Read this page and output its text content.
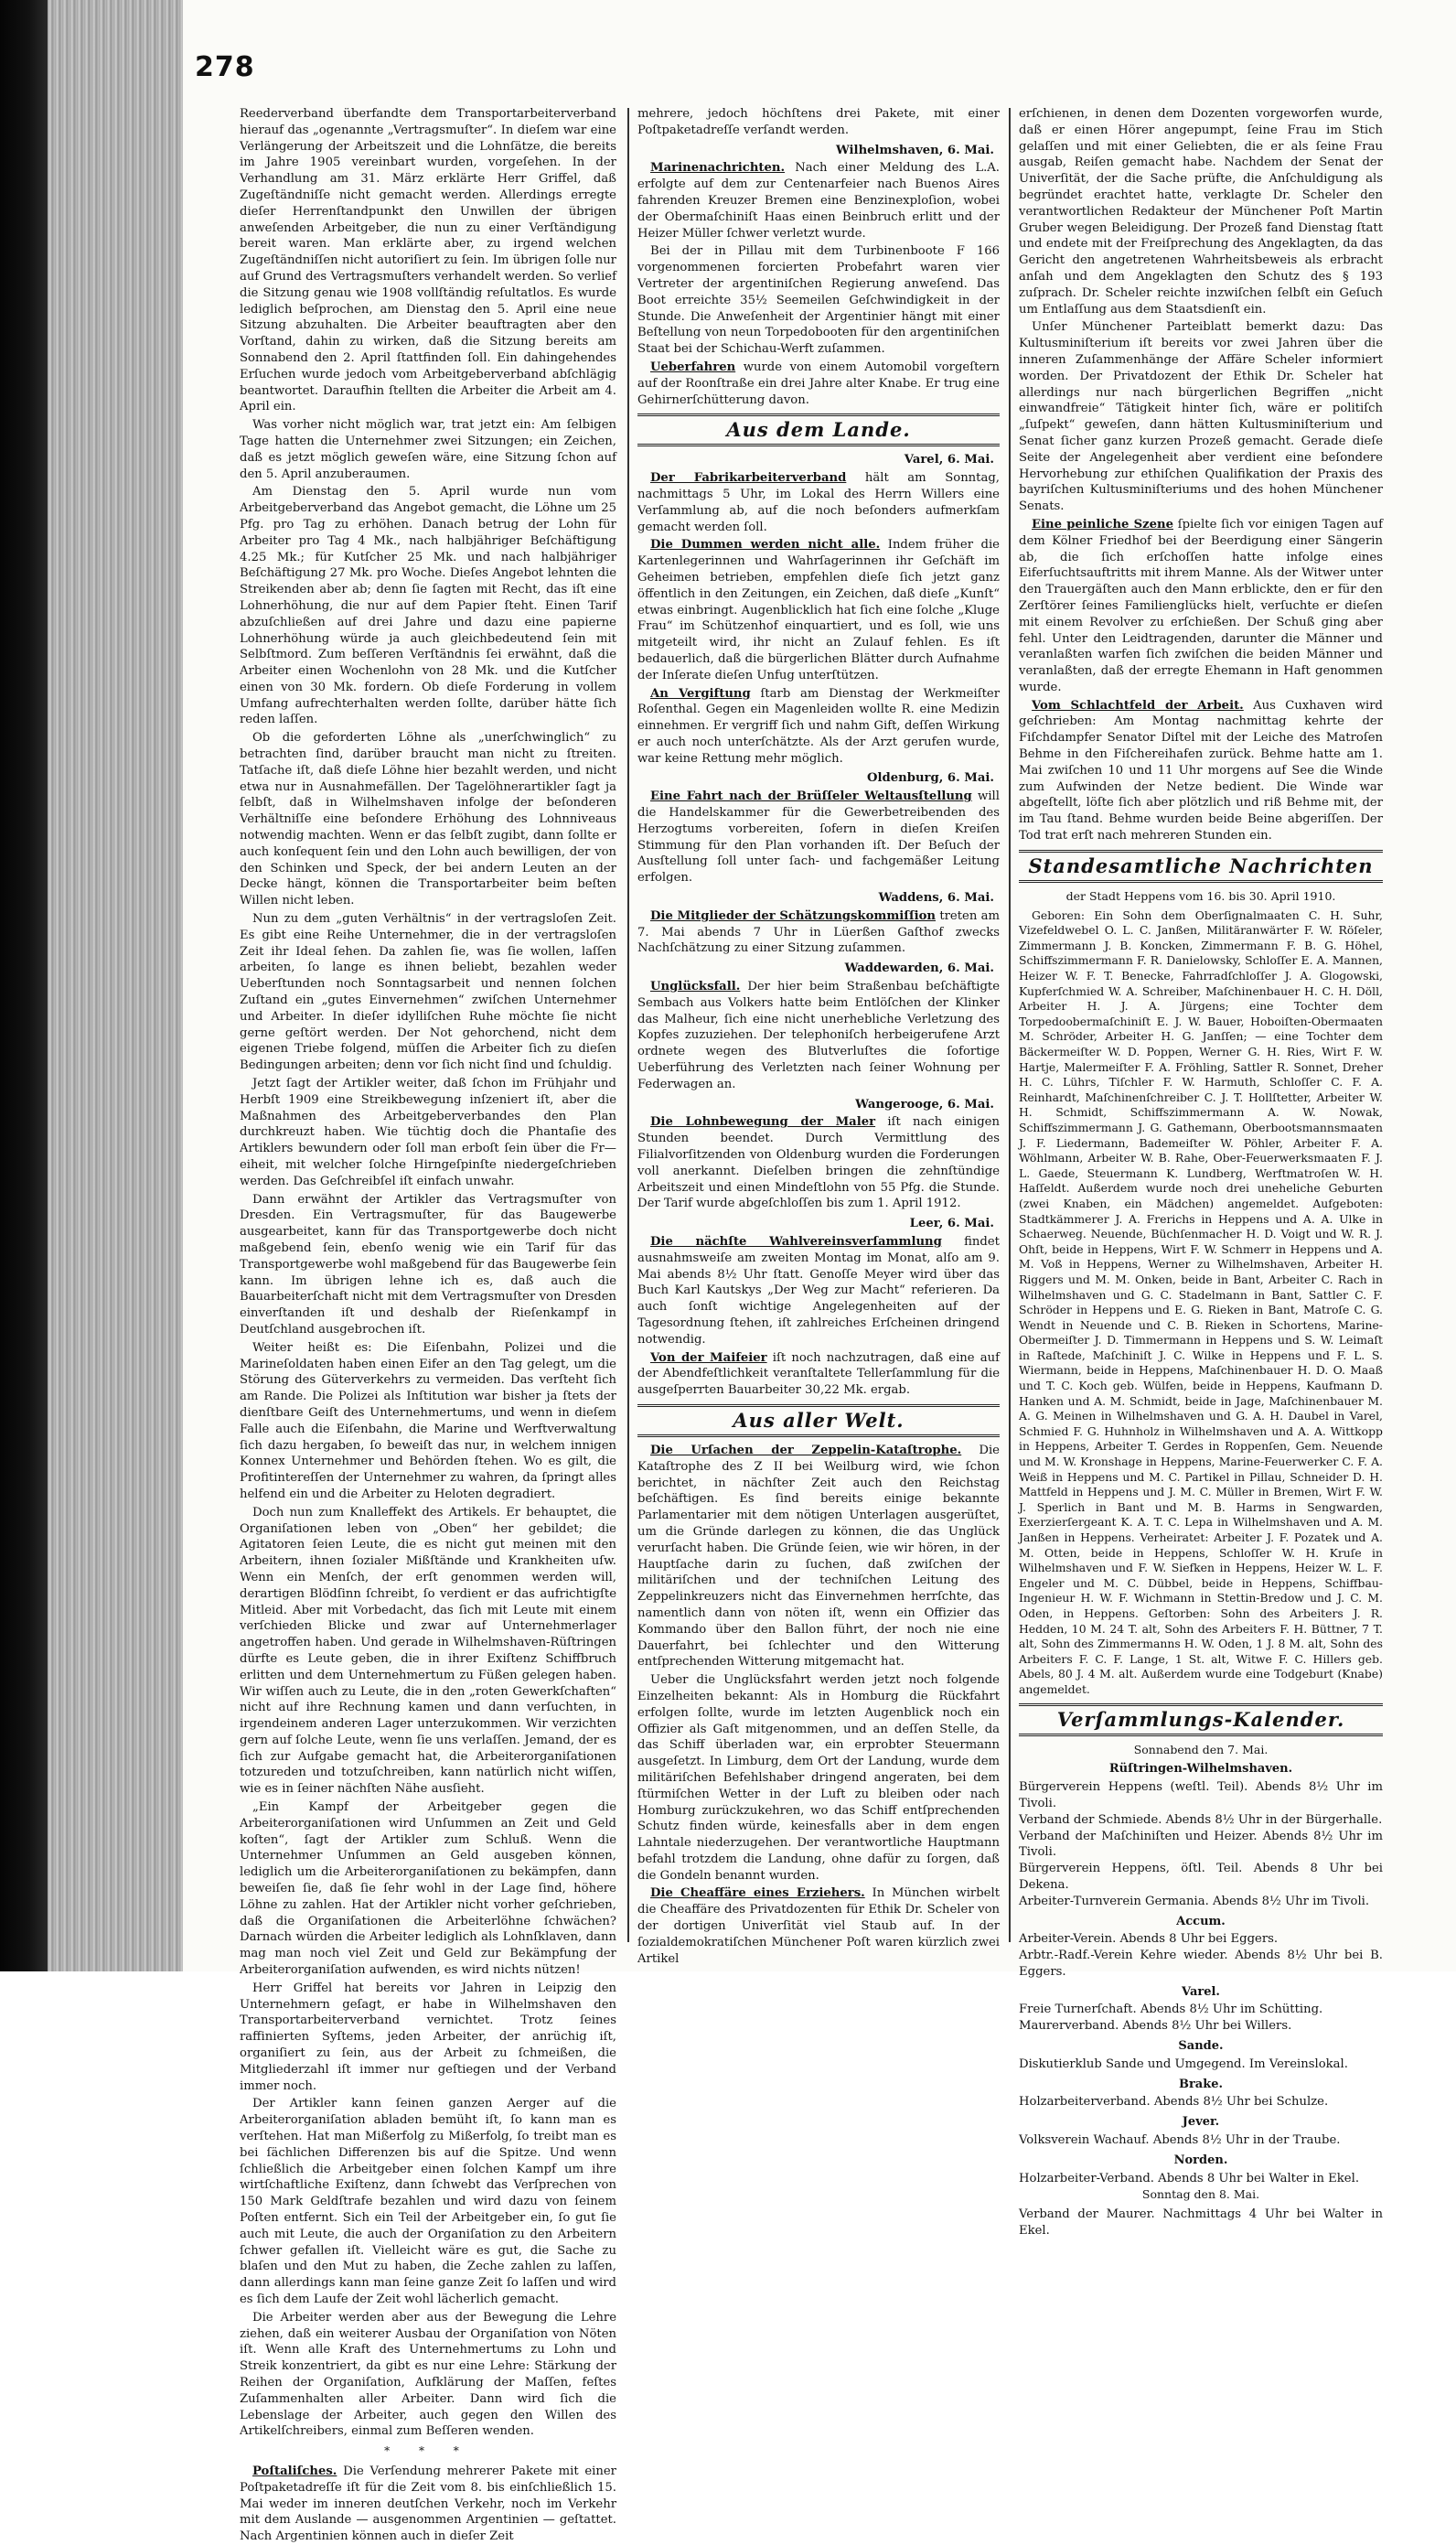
278

Reederverband überfandte dem Transportarbeiterverband hierauf das „ogenannte „Vertragsmuſter“. In dieſem war eine Verlängerung der Arbeitszeit und die Lohnſätze, die bereits im Jahre 1905 vereinbart wurden, vorgeſehen. In der Verhandlung am 31. März erklärte Herr Griffel, daß Zugeſtändniſſe nicht gemacht werden. Allerdings erregte dieſer Herrenſtandpunkt den Unwillen der übrigen anweſenden Arbeitgeber, die nun zu einer Verſtändigung bereit waren. Man erklärte aber, zu irgend welchen Zugeſtändniſſen nicht autoriſiert zu ſein. Im übrigen ſolle nur auf Grund des Vertragsmuſters verhandelt werden. So verlief die Sitzung genau wie 1908 vollſtändig reſultatlos. Es wurde lediglich beſprochen, am Dienstag den 5. April eine neue Sitzung abzuhalten. Die Arbeiter beauftragten aber den Vorſtand, dahin zu wirken, daß die Sitzung bereits am Sonnabend den 2. April ſtattfinden ſoll. Ein dahingehendes Erſuchen wurde jedoch vom Arbeitgeberverband abſchlägig beantwortet. Daraufhin ſtellten die Arbeiter die Arbeit am 4. April ein.

Was vorher nicht möglich war, trat jetzt ein: Am ſelbigen Tage hatten die Unternehmer zwei Sitzungen; ein Zeichen, daß es jetzt möglich geweſen wäre, eine Sitzung ſchon auf den 5. April anzuberaumen.

Am Dienstag den 5. April wurde nun vom Arbeitgeberverband das Angebot gemacht, die Löhne um 25 Pfg. pro Tag zu erhöhen. Danach betrug der Lohn für Arbeiter pro Tag 4 Mk., nach halbjähriger Beſchäftigung 4.25 Mk.; für Kutſcher 25 Mk. und nach halbjähriger Beſchäftigung 27 Mk. pro Woche. Dieſes Angebot lehnten die Streikenden aber ab; denn ſie ſagten mit Recht, das iſt eine Lohnerhöhung, die nur auf dem Papier ſteht. Einen Tarif abzuſchließen auf drei Jahre und dazu eine papierne Lohnerhöhung würde ja auch gleichbedeutend ſein mit Selbſtmord. Zum beſſeren Verſtändnis ſei erwähnt, daß die Arbeiter einen Wochenlohn von 28 Mk. und die Kutſcher einen von 30 Mk. fordern. Ob dieſe Forderung in vollem Umfang aufrechterhalten werden ſollte, darüber hätte ſich reden laſſen.

Ob die geforderten Löhne als „unerſchwinglich“ zu betrachten ſind, darüber braucht man nicht zu ſtreiten. Tatſache iſt, daß dieſe Löhne hier bezahlt werden, und nicht etwa nur in Ausnahmefällen. Der Tagelöhnerartikler ſagt ja ſelbſt, daß in Wilhelmshaven infolge der beſonderen Verhältniſſe eine beſondere Erhöhung des Lohnniveaus notwendig machten. Wenn er das ſelbſt zugibt, dann ſollte er auch konſequent ſein und den Lohn auch bewilligen, der von den Schinken und Speck, der bei andern Leuten an der Decke hängt, können die Transportarbeiter beim beſten Willen nicht leben.

Nun zu dem „guten Verhältnis“ in der vertragsloſen Zeit. Es gibt eine Reihe Unternehmer, die in der vertragsloſen Zeit ihr Ideal ſehen. Da zahlen ſie, was ſie wollen, laſſen arbeiten, ſo lange es ihnen beliebt, bezahlen weder Ueberſtunden noch Sonntagsarbeit und nennen ſolchen Zuſtand ein „gutes Einvernehmen“ zwiſchen Unternehmer und Arbeiter. In dieſer idylliſchen Ruhe möchte ſie nicht gerne geſtört werden. Der Not gehorchend, nicht dem eigenen Triebe folgend, müſſen die Arbeiter ſich zu dieſen Bedingungen arbeiten; denn vor ſich nicht ſind und ſchuldig.

Jetzt ſagt der Artikler weiter, daß ſchon im Frühjahr und Herbſt 1909 eine Streikbewegung inſzeniert iſt, aber die Maßnahmen des Arbeitgeberverbandes den Plan durchkreuzt haben. Wie tüchtig doch die Phantaſie des Artiklers bewundern oder ſoll man erboſt ſein über die Fr—eiheit, mit welcher ſolche Hirngeſpinſte niedergeſchrieben werden. Das Geſchreibſel iſt einfach unwahr.

Dann erwähnt der Artikler das Vertragsmuſter von Dresden. Ein Vertragsmuſter, für das Baugewerbe ausgearbeitet, kann für das Transportgewerbe doch nicht maßgebend ſein, ebenſo wenig wie ein Tarif für das Transportgewerbe wohl maßgebend für das Baugewerbe ſein kann. Im übrigen lehne ich es, daß auch die Bauarbeiterſchaft nicht mit dem Vertragsmuſter von Dresden einverſtanden iſt und deshalb der Rieſenkampf in Deutſchland ausgebrochen iſt.

Weiter heißt es: Die Eiſenbahn, Polizei und die Marineſoldaten haben einen Eifer an den Tag gelegt, um die Störung des Güterverkehrs zu vermeiden. Das verſteht ſich am Rande. Die Polizei als Inſtitution war bisher ja ſtets der dienſtbare Geiſt des Unternehmertums, und wenn in dieſem Falle auch die Eiſenbahn, die Marine und Werftverwaltung ſich dazu hergaben, ſo beweiſt das nur, in welchem innigen Konnex Unternehmer und Behörden ſtehen. Wo es gilt, die Profitintereſſen der Unternehmer zu wahren, da ſpringt alles helfend ein und die Arbeiter zu Heloten degradiert.

Doch nun zum Knalleffekt des Artikels. Er behauptet, die Organiſationen leben von „Oben“ her gebildet; die Agitatoren ſeien Leute, die es nicht gut meinen mit den Arbeitern, ihnen ſozialer Mißſtände und Krankheiten uſw. Wenn ein Menſch, der erſt genommen werden will, derartigen Blödſinn ſchreibt, ſo verdient er das aufrichtigſte Mitleid. Aber mit Vorbedacht, das ſich mit Leute mit einem verſchieden Blicke und zwar auf Unternehmerlager angetroffen haben. Und gerade in Wilhelmshaven-Rüſtringen dürfte es Leute geben, die in ihrer Exiſtenz Schiffbruch erlitten und dem Unternehmertum zu Füßen gelegen haben. Wir wiſſen auch zu Leute, die in den „roten Gewerkſchaften“ nicht auf ihre Rechnung kamen und dann verſuchten, in irgendeinem anderen Lager unterzukommen. Wir verzichten gern auf ſolche Leute, wenn ſie uns verlaſſen. Jemand, der es ſich zur Aufgabe gemacht hat, die Arbeiterorganiſationen totzureden und totzuſchreiben, kann natürlich nicht wiſſen, wie es in ſeiner nächſten Nähe ausſieht.

„Ein Kampf der Arbeitgeber gegen die Arbeiterorganiſationen wird Unſummen an Zeit und Geld koſten“, ſagt der Artikler zum Schluß. Wenn die Unternehmer Unſummen an Geld ausgeben können, lediglich um die Arbeiterorganiſationen zu bekämpfen, dann beweiſen ſie, daß ſie ſehr wohl in der Lage ſind, höhere Löhne zu zahlen. Hat der Artikler nicht vorher geſchrieben, daß die Organiſationen die Arbeiterlöhne ſchwächen? Darnach würden die Arbeiter lediglich als Lohnſklaven, dann mag man noch viel Zeit und Geld zur Bekämpfung der Arbeiterorganiſation aufwenden, es wird nichts nützen!

Herr Griffel hat bereits vor Jahren in Leipzig den Unternehmern geſagt, er habe in Wilhelmshaven den Transportarbeiterverband vernichtet. Trotz ſeines raffinierten Syſtems, jeden Arbeiter, der anrüchig iſt, organiſiert zu ſein, aus der Arbeit zu ſchmeißen, die Mitgliederzahl iſt immer nur geſtiegen und der Verband immer noch.

Der Artikler kann ſeinen ganzen Aerger auf die Arbeiterorganiſation abladen bemüht iſt, ſo kann man es verſtehen. Hat man Mißerfolg zu Mißerfolg, ſo treibt man es bei ſächlichen Differenzen bis auf die Spitze. Und wenn ſchließlich die Arbeitgeber einen ſolchen Kampf um ihre wirtſchaftliche Exiſtenz, dann ſchwebt das Verſprechen von 150 Mark Geldſtrafe bezahlen und wird dazu von ſeinem Poſten entfernt. Sich ein Teil der Arbeitgeber ein, ſo gut ſie auch mit Leute, die auch der Organiſation zu den Arbeitern ſchwer gefallen iſt. Vielleicht wäre es gut, die Sache zu blaſen und den Mut zu haben, die Zeche zahlen zu laſſen, dann allerdings kann man ſeine ganze Zeit ſo laſſen und wird es ſich dem Laufe der Zeit wohl lächerlich gemacht.

Die Arbeiter werden aber aus der Bewegung die Lehre ziehen, daß ein weiterer Ausbau der Organiſation von Nöten iſt. Wenn alle Kraft des Unternehmertums zu Lohn und Streik konzentriert, da gibt es nur eine Lehre: Stärkung der Reihen der Organiſation, Aufklärung der Maſſen, feſtes Zuſammenhalten aller Arbeiter. Dann wird ſich die Lebenslage der Arbeiter, auch gegen den Willen des Artikelſchreibers, einmal zum Beſſeren wenden.

* * *

Poſtaliſches. Die Verſendung mehrerer Pakete mit einer Poſtpaketadreſſe iſt für die Zeit vom 8. bis einſchließlich 15. Mai weder im inneren deutſchen Verkehr, noch im Verkehr mit dem Auslande — ausgenommen Argentinien — geſtattet. Nach Argentinien können auch in dieſer Zeit

mehrere, jedoch höchſtens drei Pakete, mit einer Poſtpaketadreſſe verſandt werden.

Wilhelmshaven, 6. Mai.

Marinenachrichten. Nach einer Meldung des L.A. erfolgte auf dem zur Centenarfeier nach Buenos Aires fahrenden Kreuzer Bremen eine Benzinexploſion, wobei der Obermaſchiniſt Haas einen Beinbruch erlitt und der Heizer Müller ſchwer verletzt wurde.

Bei der in Pillau mit dem Turbinenboote F 166 vorgenommenen forcierten Probefahrt waren vier Vertreter der argentiniſchen Regierung anweſend. Das Boot erreichte 35½ Seemeilen Geſchwindigkeit in der Stunde. Die Anweſenheit der Argentinier hängt mit einer Beſtellung von neun Torpedobooten für den argentiniſchen Staat bei der Schichau-Werft zuſammen.

Ueberfahren wurde von einem Automobil vorgeſtern auf der Roonſtraße ein drei Jahre alter Knabe. Er trug eine Gehirnerſchütterung davon.

Aus dem Lande.
Varel, 6. Mai.

Der Fabrikarbeiterverband hält am Sonntag, nachmittags 5 Uhr, im Lokal des Herrn Willers eine Verſammlung ab, auf die noch beſonders aufmerkſam gemacht werden ſoll.

Die Dummen werden nicht alle. Indem früher die Kartenlegerinnen und Wahrſagerinnen ihr Geſchäft im Geheimen betrieben, empfehlen dieſe ſich jetzt ganz öffentlich in den Zeitungen, ein Zeichen, daß dieſe „Kunſt“ etwas einbringt. Augenblicklich hat ſich eine ſolche „Kluge Frau“ im Schützenhof einquartiert, und es ſoll, wie uns mitgeteilt wird, ihr nicht an Zulauf fehlen. Es iſt bedauerlich, daß die bürgerlichen Blätter durch Aufnahme der Inſerate dieſen Unfug unterſtützen.

An Vergiftung ſtarb am Dienstag der Werkmeiſter Roſenthal. Gegen ein Magenleiden wollte R. eine Medizin einnehmen. Er vergriff ſich und nahm Gift, deſſen Wirkung er auch noch unterſchätzte. Als der Arzt gerufen wurde, war keine Rettung mehr möglich.

Oldenburg, 6. Mai.

Eine Fahrt nach der Brüſſeler Weltausſtellung will die Handelskammer für die Gewerbetreibenden des Herzogtums vorbereiten, ſofern in dieſen Kreiſen Stimmung für den Plan vorhanden iſt. Der Beſuch der Ausſtellung ſoll unter ſach- und fachgemäßer Leitung erfolgen.

Waddens, 6. Mai.

Die Mitglieder der Schätzungskommiſſion treten am 7. Mai abends 7 Uhr in Lüerßen Gaſthof zwecks Nachſchätzung zu einer Sitzung zuſammen.

Waddewarden, 6. Mai.

Unglücksfall. Der hier beim Straßenbau beſchäftigte Sembach aus Volkers hatte beim Entlöſchen der Klinker das Malheur, ſich eine nicht unerhebliche Verletzung des Kopfes zuzuziehen. Der telephoniſch herbeigerufene Arzt ordnete wegen des Blutverluſtes die ſofortige Ueberführung des Verletzten nach ſeiner Wohnung per Federwagen an.

Wangerooge, 6. Mai.

Die Lohnbewegung der Maler iſt nach einigen Stunden beendet. Durch Vermittlung des Filialvorſitzenden von Oldenburg wurden die Forderungen voll anerkannt. Dieſelben bringen die zehnſtündige Arbeitszeit und einen Mindeſtlohn von 55 Pfg. die Stunde. Der Tarif wurde abgeſchloſſen bis zum 1. April 1912.

Leer, 6. Mai.

Die nächſte Wahlvereinsverſammlung findet ausnahmsweiſe am zweiten Montag im Monat, alſo am 9. Mai abends 8½ Uhr ſtatt. Genoſſe Meyer wird über das Buch Karl Kautskys „Der Weg zur Macht“ referieren. Da auch ſonſt wichtige Angelegenheiten auf der Tagesordnung ſtehen, iſt zahlreiches Erſcheinen dringend notwendig.

Von der Maifeier iſt noch nachzutragen, daß eine auf der Abendfeſtlichkeit veranſtaltete Tellerſammlung für die ausgeſperrten Bauarbeiter 30,22 Mk. ergab.

Aus aller Welt.

Die Urſachen der Zeppelin-Kataſtrophe. Die Kataſtrophe des Z II bei Weilburg wird, wie ſchon berichtet, in nächſter Zeit auch den Reichstag beſchäftigen. Es ſind bereits einige bekannte Parlamentarier mit dem nötigen Unterlagen ausgerüſtet, um die Gründe darlegen zu können, die das Unglück verurſacht haben. Die Gründe ſeien, wie wir hören, in der Hauptſache darin zu ſuchen, daß zwiſchen der militäriſchen und der techniſchen Leitung des Zeppelinkreuzers nicht das Einvernehmen herrſchte, das namentlich dann von nöten iſt, wenn ein Offizier das Kommando über den Ballon führt, der noch nie eine Dauerfahrt, bei ſchlechter und den Witterung entſprechenden Witterung mitgemacht hat.

Ueber die Unglücksfahrt werden jetzt noch folgende Einzelheiten bekannt: Als in Homburg die Rückfahrt erfolgen ſollte, wurde im letzten Augenblick noch ein Offizier als Gaſt mitgenommen, und an deſſen Stelle, da das Schiff überladen war, ein erprobter Steuermann ausgeſetzt. In Limburg, dem Ort der Landung, wurde dem militäriſchen Befehlshaber dringend angeraten, bei dem ſtürmiſchen Wetter in der Luft zu bleiben oder nach Homburg zurückzukehren, wo das Schiff entſprechenden Schutz finden würde, keinesfalls aber in dem engen Lahntale niederzugehen. Der verantwortliche Hauptmann befahl trotzdem die Landung, ohne dafür zu ſorgen, daß die Gondeln benannt wurden.

Die Cheaffäre eines Erziehers. In München wirbelt die Cheaffäre des Privatdozenten für Ethik Dr. Scheler von der dortigen Univerſität viel Staub auf. In der ſozialdemokratiſchen Münchener Poſt waren kürzlich zwei Artikel

erſchienen, in denen dem Dozenten vorgeworfen wurde, daß er einen Hörer angepumpt, ſeine Frau im Stich gelaſſen und mit einer Geliebten, die er als ſeine Frau ausgab, Reiſen gemacht habe. Nachdem der Senat der Univerſität, der die Sache prüfte, die Anſchuldigung als begründet erachtet hatte, verklagte Dr. Scheler den verantwortlichen Redakteur der Münchener Poſt Martin Gruber wegen Beleidigung. Der Prozeß fand Dienstag ſtatt und endete mit der Freiſprechung des Angeklagten, da das Gericht den angetretenen Wahrheitsbeweis als erbracht anſah und dem Angeklagten den Schutz des § 193 zuſprach. Dr. Scheler reichte inzwiſchen ſelbſt ein Geſuch um Entlaſſung aus dem Staatsdienſt ein.

Unſer Münchener Parteiblatt bemerkt dazu: Das Kultusminiſterium iſt bereits vor zwei Jahren über die inneren Zuſammenhänge der Affäre Scheler informiert worden. Der Privatdozent der Ethik Dr. Scheler hat allerdings nur nach bürgerlichen Begriffen „nicht einwandfreie“ Tätigkeit hinter ſich, wäre er politiſch „ſuſpekt“ geweſen, dann hätten Kultusminiſterium und Senat ſicher ganz kurzen Prozeß gemacht. Gerade dieſe Seite der Angelegenheit aber verdient eine beſondere Hervorhebung zur ethiſchen Qualifikation der Praxis des bayriſchen Kultusminiſteriums und des hohen Münchener Senats.

Eine peinliche Szene ſpielte ſich vor einigen Tagen auf dem Kölner Friedhof bei der Beerdigung einer Sängerin ab, die ſich erſchoſſen hatte infolge eines Eiferſuchtsauftritts mit ihrem Manne. Als der Witwer unter den Trauergäſten auch den Mann erblickte, den er für den Zerſtörer ſeines Familienglücks hielt, verſuchte er dieſen mit einem Revolver zu erſchießen. Der Schuß ging aber fehl. Unter den Leidtragenden, darunter die Männer und veranlaßten warfen ſich zwiſchen die beiden Männer und veranlaßten, daß der erregte Ehemann in Haft genommen wurde.

Vom Schlachtfeld der Arbeit. Aus Cuxhaven wird geſchrieben: Am Montag nachmittag kehrte der Fiſchdampfer Senator Diſtel mit der Leiche des Matroſen Behme in den Fiſchereihafen zurück. Behme hatte am 1. Mai zwiſchen 10 und 11 Uhr morgens auf See die Winde zum Aufwinden der Netze bedient. Die Winde war abgeſtellt, löſte ſich aber plötzlich und riß Behme mit, der im Tau ſtand. Behme wurden beide Beine abgeriſſen. Der Tod trat erſt nach mehreren Stunden ein.

Standesamtliche Nachrichten
der Stadt Heppens vom 16. bis 30. April 1910.

Geboren: Ein Sohn dem Oberſignalmaaten C. H. Suhr, Vizefeldwebel O. L. C. Janßen, Militäranwärter F. W. Röſeler, Zimmermann J. B. Koncken, Zimmermann F. B. G. Höhel, Schiffszimmermann F. R. Danielowsky, Schloſſer E. A. Mannen, Heizer W. F. T. Benecke, Fahrradſchloſſer J. A. Glogowski, Kupferſchmied W. A. Schreiber, Maſchinenbauer H. C. H. Döll, Arbeiter H. J. A. Jürgens; eine Tochter dem Torpedoobermaſchiniſt E. J. W. Bauer, Hoboiſten-Obermaaten M. Schröder, Arbeiter H. G. Janſſen; — eine Tochter dem Bäckermeiſter W. D. Poppen, Werner G. H. Ries, Wirt F. W. Hartje, Malermeiſter F. A. Fröhling, Sattler R. Sonnet, Dreher H. C. Lührs, Tiſchler F. W. Harmuth, Schloſſer C. F. A. Reinhardt, Maſchinenſchreiber C. J. T. Hollſtetter, Arbeiter W. H. Schmidt, Schiffszimmermann A. W. Nowak, Schiffszimmermann J. G. Gathemann, Oberbootsmannsmaaten J. F. Liedermann, Bademeiſter W. Pöhler, Arbeiter F. A. Wöhlmann, Arbeiter W. B. Rahe, Ober-Feuerwerksmaaten F. J. L. Gaede, Steuermann K. Lundberg, Werftmatroſen W. H. Haſſeldt. Außerdem wurde noch drei uneheliche Geburten (zwei Knaben, ein Mädchen) angemeldet. Aufgeboten: Stadtkämmerer J. A. Frerichs in Heppens und A. A. Ulke in Schaerweg. Neuende, Büchſenmacher H. D. Voigt und W. R. J. Ohſt, beide in Heppens, Wirt F. W. Schmerr in Heppens und A. M. Voß in Heppens, Werner zu Wilhelmshaven, Arbeiter H. Riggers und M. M. Onken, beide in Bant, Arbeiter C. Rach in Wilhelmshaven und G. C. Stadelmann in Bant, Sattler C. F. Schröder in Heppens und E. G. Rieken in Bant, Matroſe C. G. Wendt in Neuende und C. B. Rieken in Schortens, Marine-Obermeiſter J. D. Timmermann in Heppens und S. W. Leimaſt in Raſtede, Maſchiniſt J. C. Wilke in Heppens und F. L. S. Wiermann, beide in Heppens, Maſchinenbauer H. D. O. Maaß und T. C. Koch geb. Wülfen, beide in Heppens, Kaufmann D. Hanken und A. M. Schmidt, beide in Jage, Maſchinenbauer M. A. G. Meinen in Wilhelmshaven und G. A. H. Daubel in Varel, Schmied F. G. Huhnholz in Wilhelmshaven und A. A. Wittkopp in Heppens, Arbeiter T. Gerdes in Roppenſen, Gem. Neuende und M. W. Kronshage in Heppens, Marine-Feuerwerker C. F. A. Weiß in Heppens und M. C. Partikel in Pillau, Schneider D. H. Mattfeld in Heppens und J. M. C. Müller in Bremen, Wirt F. W. J. Sperlich in Bant und M. B. Harms in Sengwarden, Exerzierſergeant K. A. T. C. Lepa in Wilhelmshaven und A. M. Janßen in Heppens. Verheiratet: Arbeiter J. F. Pozatek und A. M. Otten, beide in Heppens, Schloſſer W. H. Kruſe in Wilhelmshaven und F. W. Siefken in Heppens, Heizer W. L. F. Engeler und M. C. Dübbel, beide in Heppens, Schiffbau-Ingenieur H. W. F. Wichmann in Stettin-Bredow und J. C. M. Oden, in Heppens. Geſtorben: Sohn des Arbeiters J. R. Hedden, 10 M. 24 T. alt, Sohn des Arbeiters F. H. Büttner, 7 T. alt, Sohn des Zimmermanns H. W. Oden, 1 J. 8 M. alt, Sohn des Arbeiters F. C. F. Lange, 1 St. alt, Witwe F. C. Hillers geb. Abels, 80 J. 4 M. alt. Außerdem wurde eine Todgeburt (Knabe) angemeldet.

Verſammlungs-Kalender.
Sonnabend den 7. Mai.
Rüſtringen-Wilhelmshaven.

Bürgerverein Heppens (weſtl. Teil). Abends 8½ Uhr im Tivoli.

Verband der Schmiede. Abends 8½ Uhr in der Bürgerhalle.

Verband der Maſchiniſten und Heizer. Abends 8½ Uhr im Tivoli.

Bürgerverein Heppens, öſtl. Teil. Abends 8 Uhr bei Dekena.

Arbeiter-Turnverein Germania. Abends 8½ Uhr im Tivoli.

Accum.

Arbeiter-Verein. Abends 8 Uhr bei Eggers.

Arbtr.-Radf.-Verein Kehre wieder. Abends 8½ Uhr bei B. Eggers.

Varel.

Freie Turnerſchaft. Abends 8½ Uhr im Schütting.

Maurerverband. Abends 8½ Uhr bei Willers.

Sande.

Diskutierklub Sande und Umgegend. Im Vereinslokal.

Brake.

Holzarbeiterverband. Abends 8½ Uhr bei Schulze.

Jever.

Volksverein Wachauf. Abends 8½ Uhr in der Traube.

Norden.

Holzarbeiter-Verband. Abends 8 Uhr bei Walter in Ekel.

Sonntag den 8. Mai.

Verband der Maurer. Nachmittags 4 Uhr bei Walter in Ekel.
